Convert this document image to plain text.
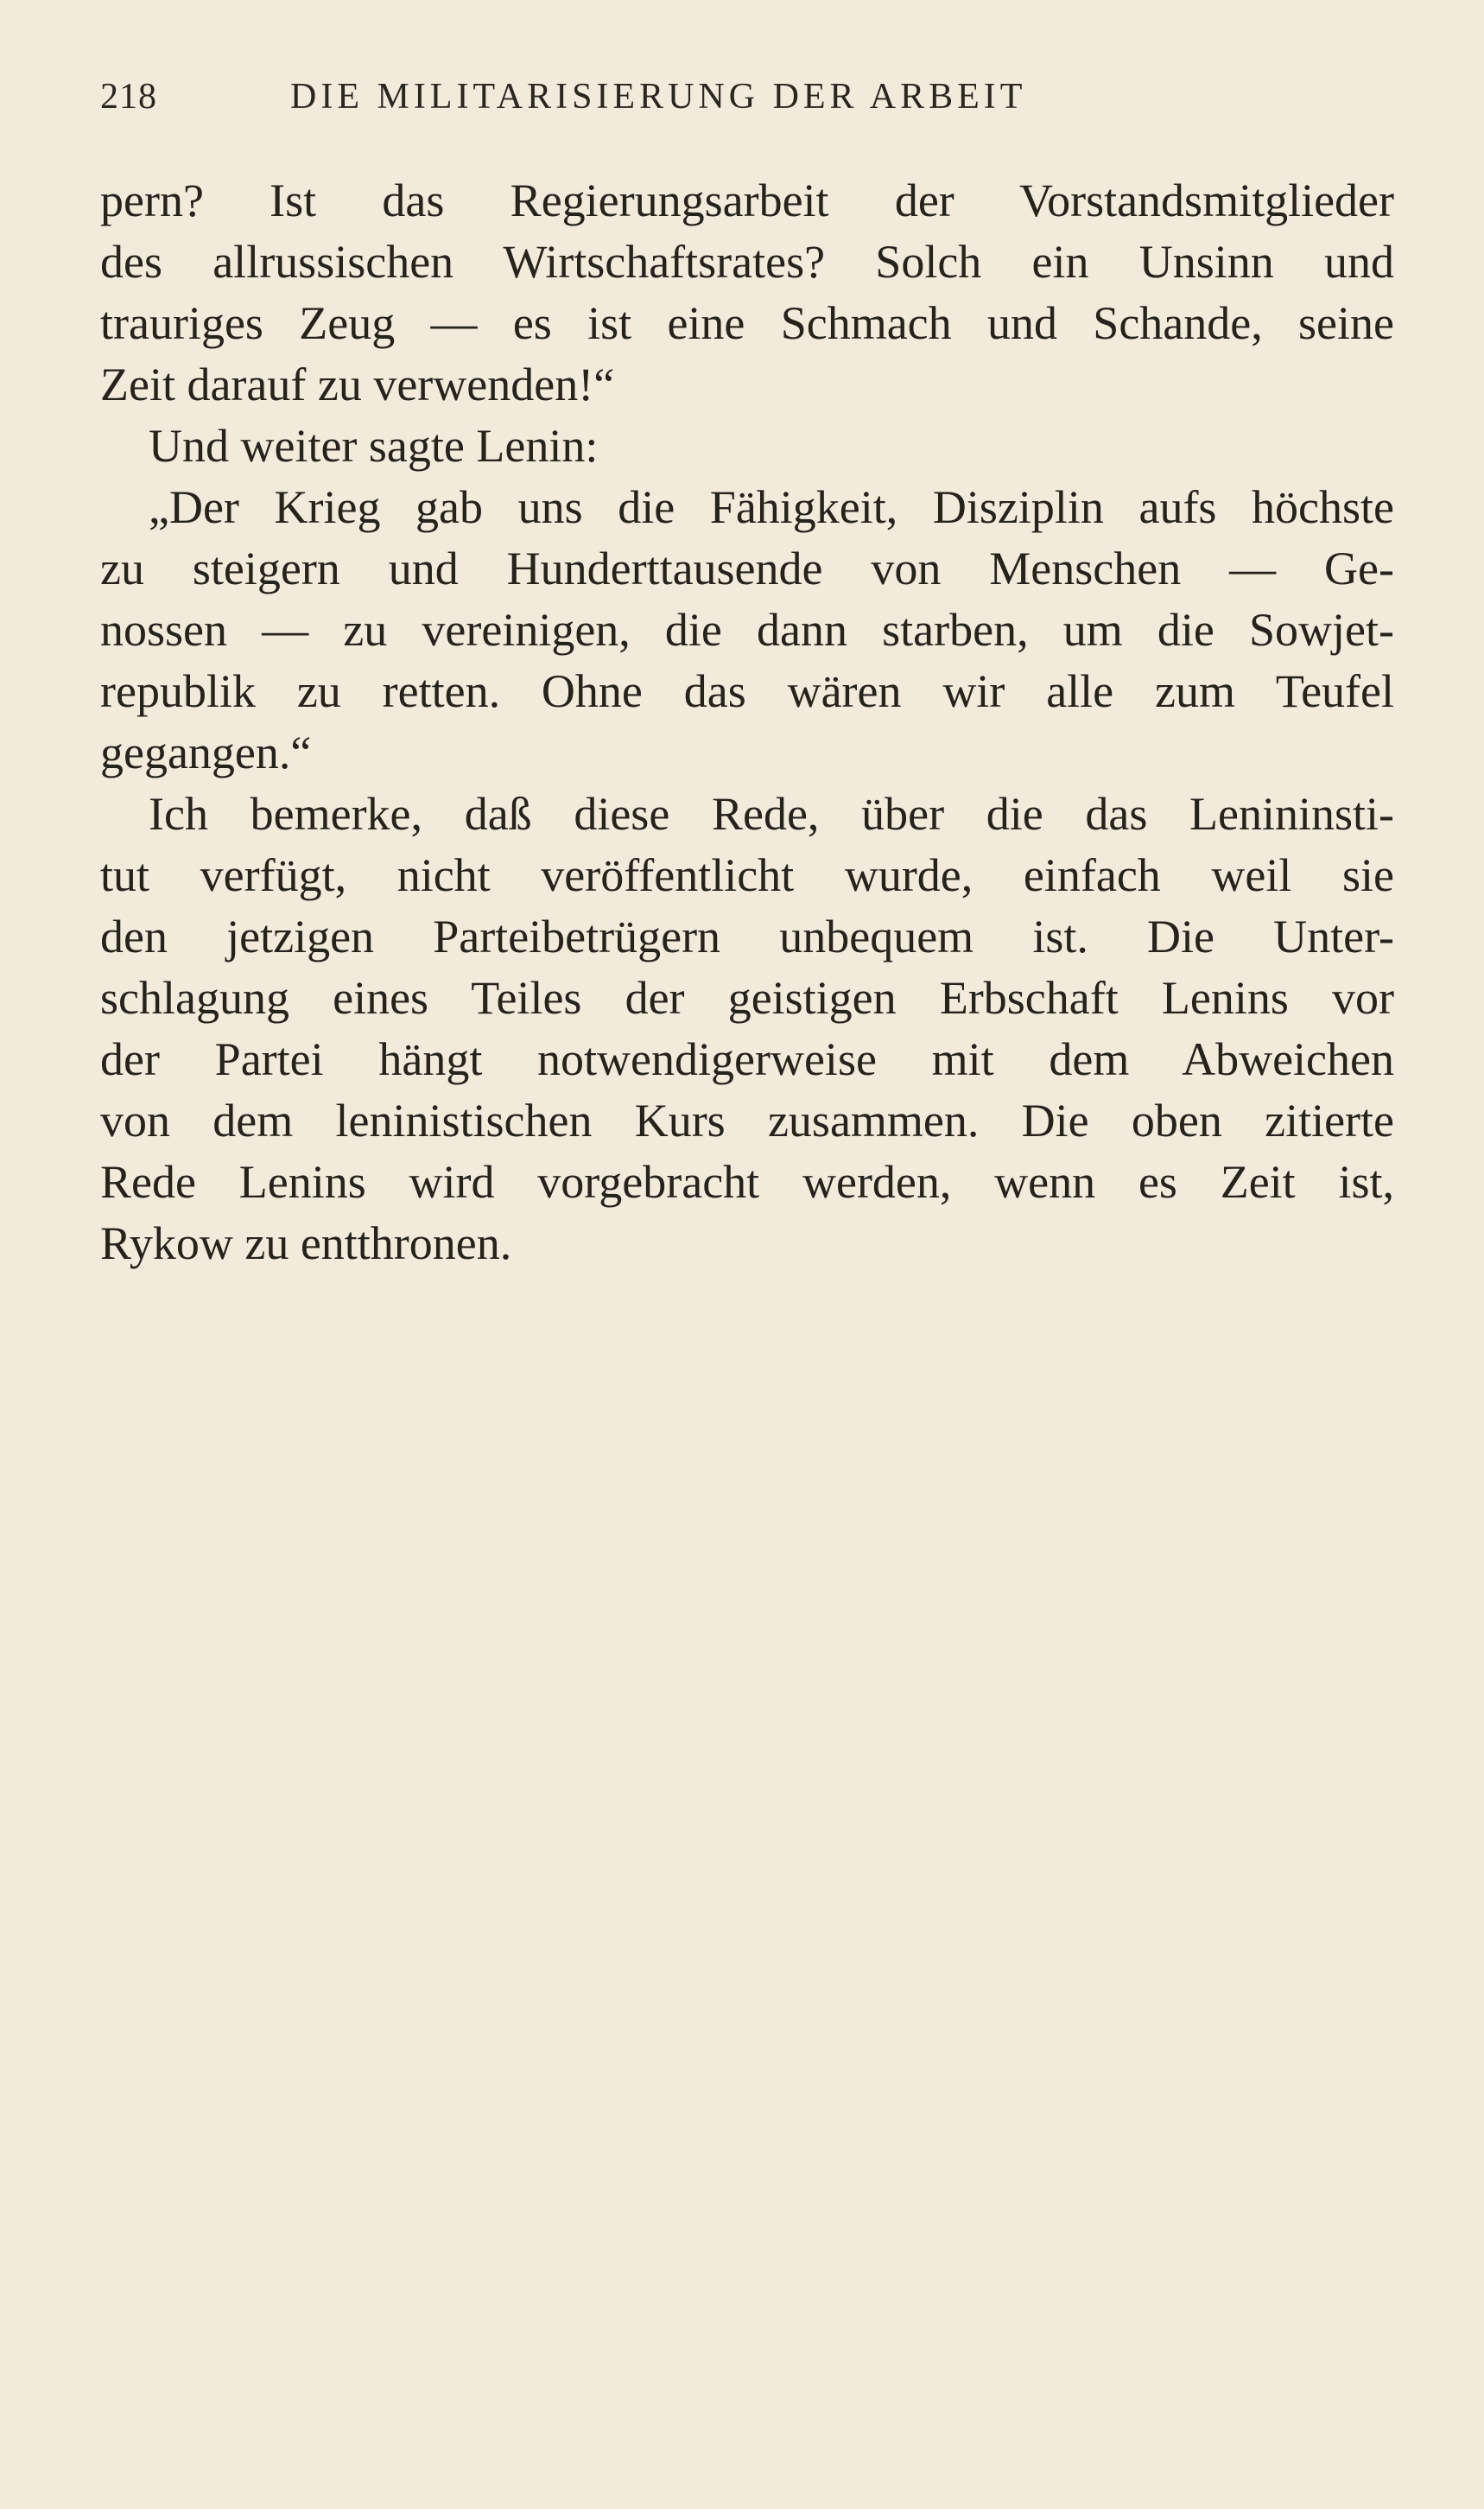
218	DIE MILITARISIERUNG DER ARBEIT
pern? Ist das Regierungsarbeit der Vorstandsmitglieder
des allrussischen Wirtschaftsrates? Solch ein Unsinn und
trauriges Zeug — es ist eine Schmach und Schande, seine
Zeit darauf zu verwenden!“
Und weiter sagte Lenin:
„Der Krieg gab uns die Fähigkeit, Disziplin aufs höchste
zu steigern und Hunderttausende von Menschen — Ge-
nossen — zu vereinigen, die dann starben, um die Sowjet-
republik zu retten. Ohne das wären wir alle zum Teufel
gegangen.“
Ich bemerke, daß diese Rede, über die das Lenininsti-
tut verfügt, nicht veröffentlicht wurde, einfach weil sie
den jetzigen Parteibetrügern unbequem ist. Die Unter-
schlagung eines Teiles der geistigen Erbschaft Lenins vor
der Partei hängt notwendigerweise mit dem Abweichen
von dem leninistischen Kurs zusammen. Die oben zitierte
Rede Lenins wird vorgebracht werden, wenn es Zeit ist,
Rykow zu entthronen.
